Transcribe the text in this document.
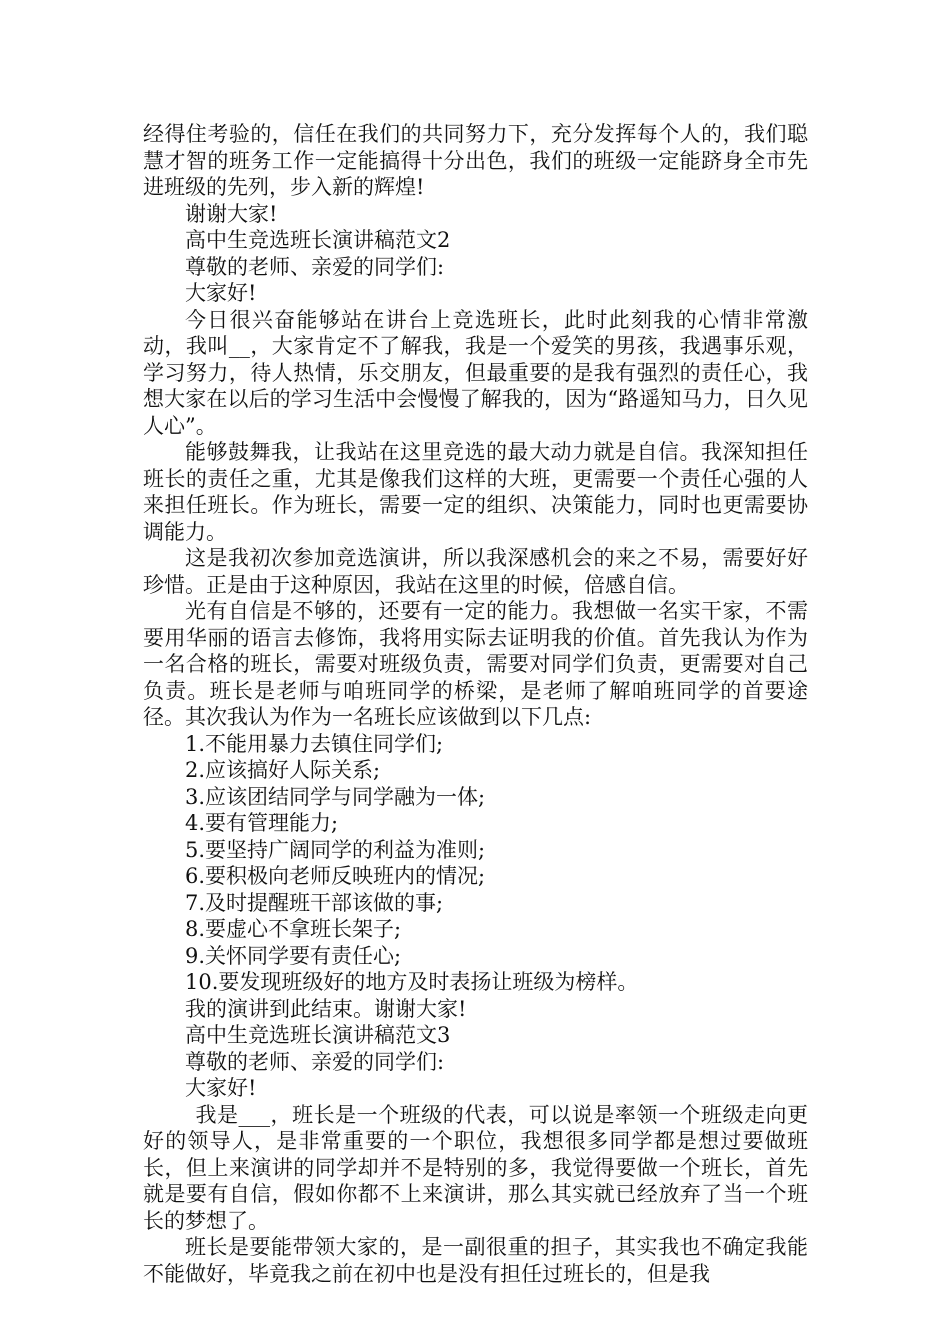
经得住考验的，信任在我们的共同努力下，充分发挥每个人的，我们聪慧才智的班务工作一定能搞得十分出色，我们的班级一定能跻身全市先进班级的先列，步入新的辉煌!

谢谢大家!

高中生竞选班长演讲稿范文2

尊敬的老师、亲爱的同学们:

大家好!

今日很兴奋能够站在讲台上竞选班长，此时此刻我的心情非常激动，我叫__，大家肯定不了解我，我是一个爱笑的男孩，我遇事乐观，学习努力，待人热情，乐交朋友，但最重要的是我有强烈的责任心，我想大家在以后的学习生活中会慢慢了解我的，因为“路遥知马力，日久见人心”。

能够鼓舞我，让我站在这里竞选的最大动力就是自信。我深知担任班长的责任之重，尤其是像我们这样的大班，更需要一个责任心强的人来担任班长。作为班长，需要一定的组织、决策能力，同时也更需要协调能力。

这是我初次参加竞选演讲，所以我深感机会的来之不易，需要好好珍惜。正是由于这种原因，我站在这里的时候，倍感自信。

光有自信是不够的，还要有一定的能力。我想做一名实干家，不需要用华丽的语言去修饰，我将用实际去证明我的价值。首先我认为作为一名合格的班长，需要对班级负责，需要对同学们负责，更需要对自己负责。班长是老师与咱班同学的桥梁，是老师了解咱班同学的首要途径。其次我认为作为一名班长应该做到以下几点:

1.不能用暴力去镇住同学们;

2.应该搞好人际关系;

3.应该团结同学与同学融为一体;

4.要有管理能力;

5.要坚持广阔同学的利益为准则;

6.要积极向老师反映班内的情况;

7.及时提醒班干部该做的事;

8.要虚心不拿班长架子;

9.关怀同学要有责任心;

10.要发现班级好的地方及时表扬让班级为榜样。

我的演讲到此结束。谢谢大家!

高中生竞选班长演讲稿范文3

尊敬的老师、亲爱的同学们:

大家好!

我是___，班长是一个班级的代表，可以说是率领一个班级走向更好的领导人，是非常重要的一个职位，我想很多同学都是想过要做班长，但上来演讲的同学却并不是特别的多，我觉得要做一个班长，首先就是要有自信，假如你都不上来演讲，那么其实就已经放弃了当一个班长的梦想了。

班长是要能带领大家的，是一副很重的担子，其实我也不确定我能不能做好，毕竟我之前在初中也是没有担任过班长的，但是我
